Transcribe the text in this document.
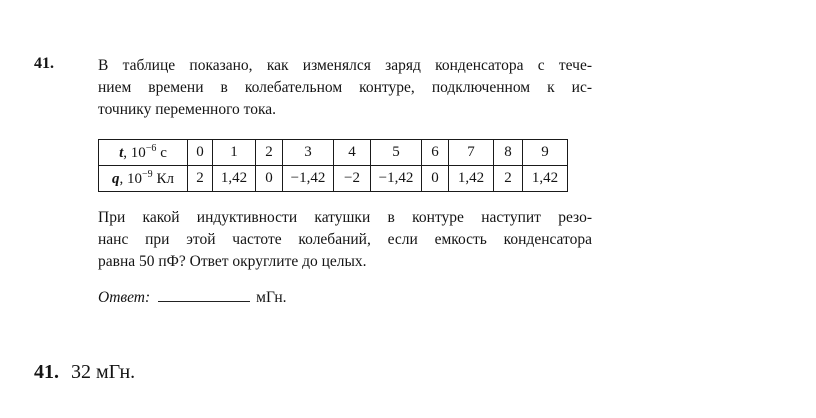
41.	В таблице показано, как изменялся заряд конденсатора с тече-
нием времени в колебательном контуре, подключенном к ис-
точнику переменного тока.
t, $10^{-6}$ с	0	1	2	3	4	5	6	7	8	9
q, $10^{-9}$ Кл	2	1,42	0	−1,42	−2	−1,42	0	1,42	2	1,42
При какой индуктивности катушки в контуре наступит резо-
нанс при этой частоте колебаний, если емкость конденсатора
равна 50 пФ? Ответ округлите до целых.
Ответ:	мГн.
41. 32 мГн.
